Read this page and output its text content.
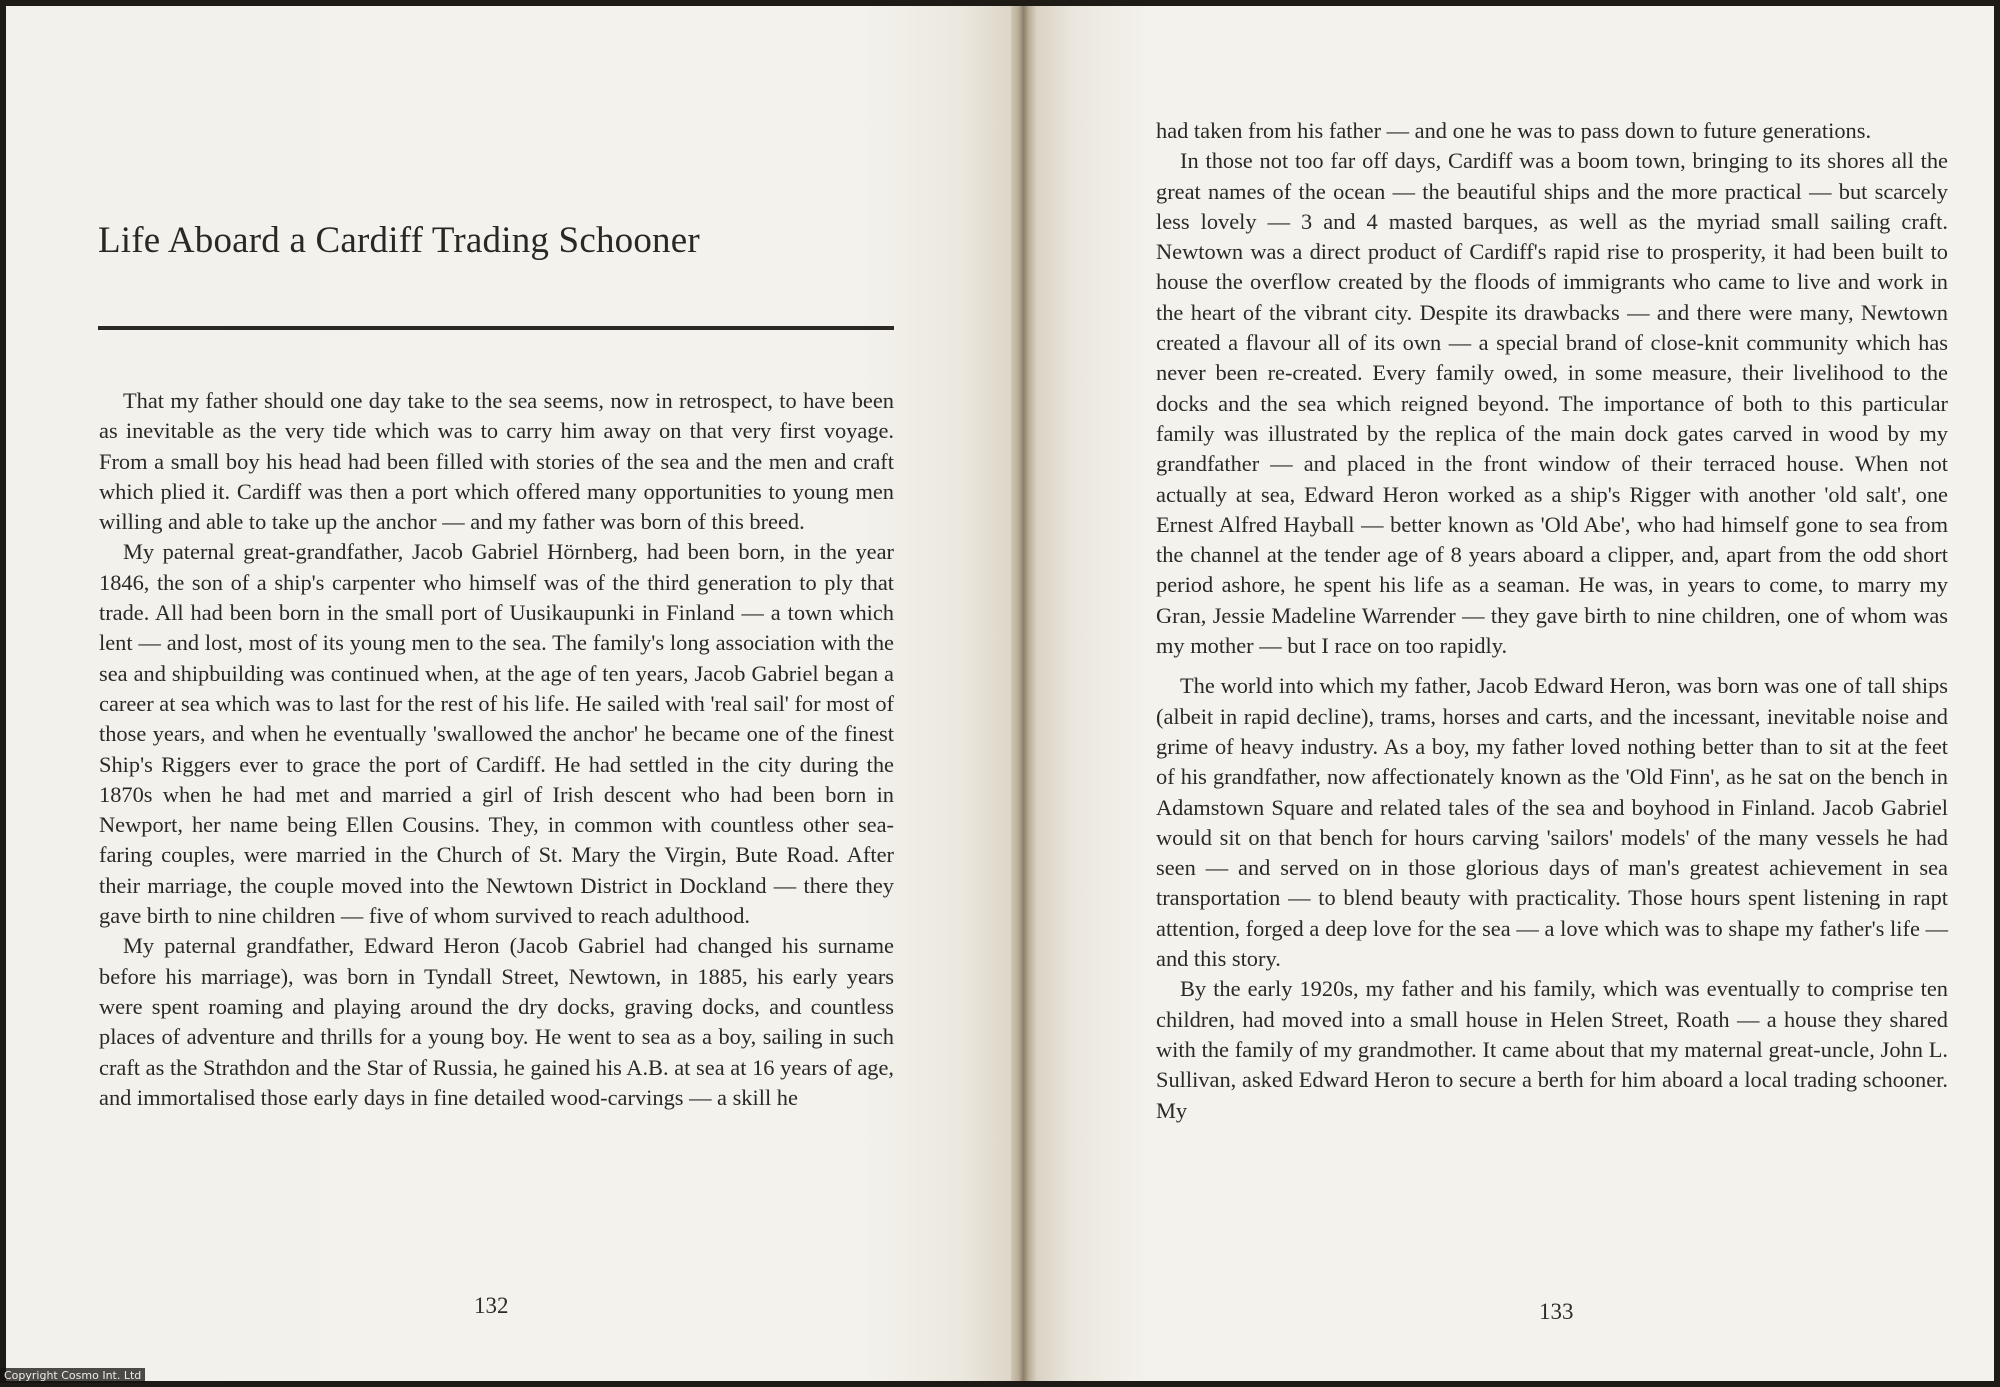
Life Aboard a Cardiff Trading Schooner

That my father should one day take to the sea seems, now in retrospect, to have been as inevitable as the very tide which was to carry him away on that very first voyage. From a small boy his head had been filled with stories of the sea and the men and craft which plied it. Cardiff was then a port which offered many opportunities to young men willing and able to take up the anchor — and my father was born of this breed.

My paternal great-grandfather, Jacob Gabriel Hörnberg, had been born, in the year 1846, the son of a ship's carpenter who himself was of the third generation to ply that trade. All had been born in the small port of Uusikaupunki in Finland — a town which lent — and lost, most of its young men to the sea. The family's long association with the sea and shipbuilding was continued when, at the age of ten years, Jacob Gabriel began a career at sea which was to last for the rest of his life. He sailed with 'real sail' for most of those years, and when he eventually 'swallowed the anchor' he became one of the finest Ship's Riggers ever to grace the port of Cardiff. He had settled in the city during the 1870s when he had met and married a girl of Irish descent who had been born in Newport, her name being Ellen Cousins. They, in common with countless other sea-faring couples, were married in the Church of St. Mary the Virgin, Bute Road. After their marriage, the couple moved into the Newtown District in Dockland — there they gave birth to nine children — five of whom survived to reach adulthood.

My paternal grandfather, Edward Heron (Jacob Gabriel had changed his surname before his marriage), was born in Tyndall Street, Newtown, in 1885, his early years were spent roaming and playing around the dry docks, graving docks, and countless places of adventure and thrills for a young boy. He went to sea as a boy, sailing in such craft as the Strathdon and the Star of Russia, he gained his A.B. at sea at 16 years of age, and immortalised those early days in fine detailed wood-carvings — a skill he

132

had taken from his father — and one he was to pass down to future generations.

In those not too far off days, Cardiff was a boom town, bringing to its shores all the great names of the ocean — the beautiful ships and the more practical — but scarcely less lovely — 3 and 4 masted barques, as well as the myriad small sailing craft. Newtown was a direct product of Cardiff's rapid rise to prosperity, it had been built to house the overflow created by the floods of immigrants who came to live and work in the heart of the vibrant city. Despite its drawbacks — and there were many, Newtown created a flavour all of its own — a special brand of close-knit community which has never been re-created. Every family owed, in some measure, their livelihood to the docks and the sea which reigned beyond. The importance of both to this particular family was illustrated by the replica of the main dock gates carved in wood by my grandfather — and placed in the front window of their terraced house. When not actually at sea, Edward Heron worked as a ship's Rigger with another 'old salt', one Ernest Alfred Hayball — better known as 'Old Abe', who had himself gone to sea from the channel at the tender age of 8 years aboard a clipper, and, apart from the odd short period ashore, he spent his life as a seaman. He was, in years to come, to marry my Gran, Jessie Madeline Warrender — they gave birth to nine children, one of whom was my mother — but I race on too rapidly.

The world into which my father, Jacob Edward Heron, was born was one of tall ships (albeit in rapid decline), trams, horses and carts, and the incessant, inevitable noise and grime of heavy industry. As a boy, my father loved nothing better than to sit at the feet of his grandfather, now affectionately known as the 'Old Finn', as he sat on the bench in Adamstown Square and related tales of the sea and boyhood in Finland. Jacob Gabriel would sit on that bench for hours carving 'sailors' models' of the many vessels he had seen — and served on in those glorious days of man's greatest achievement in sea transportation — to blend beauty with practicality. Those hours spent listening in rapt attention, forged a deep love for the sea — a love which was to shape my father's life — and this story.

By the early 1920s, my father and his family, which was eventually to comprise ten children, had moved into a small house in Helen Street, Roath — a house they shared with the family of my grandmother. It came about that my maternal great-uncle, John L. Sullivan, asked Edward Heron to secure a berth for him aboard a local trading schooner. My

133
Copyright Cosmo Int. Ltd
